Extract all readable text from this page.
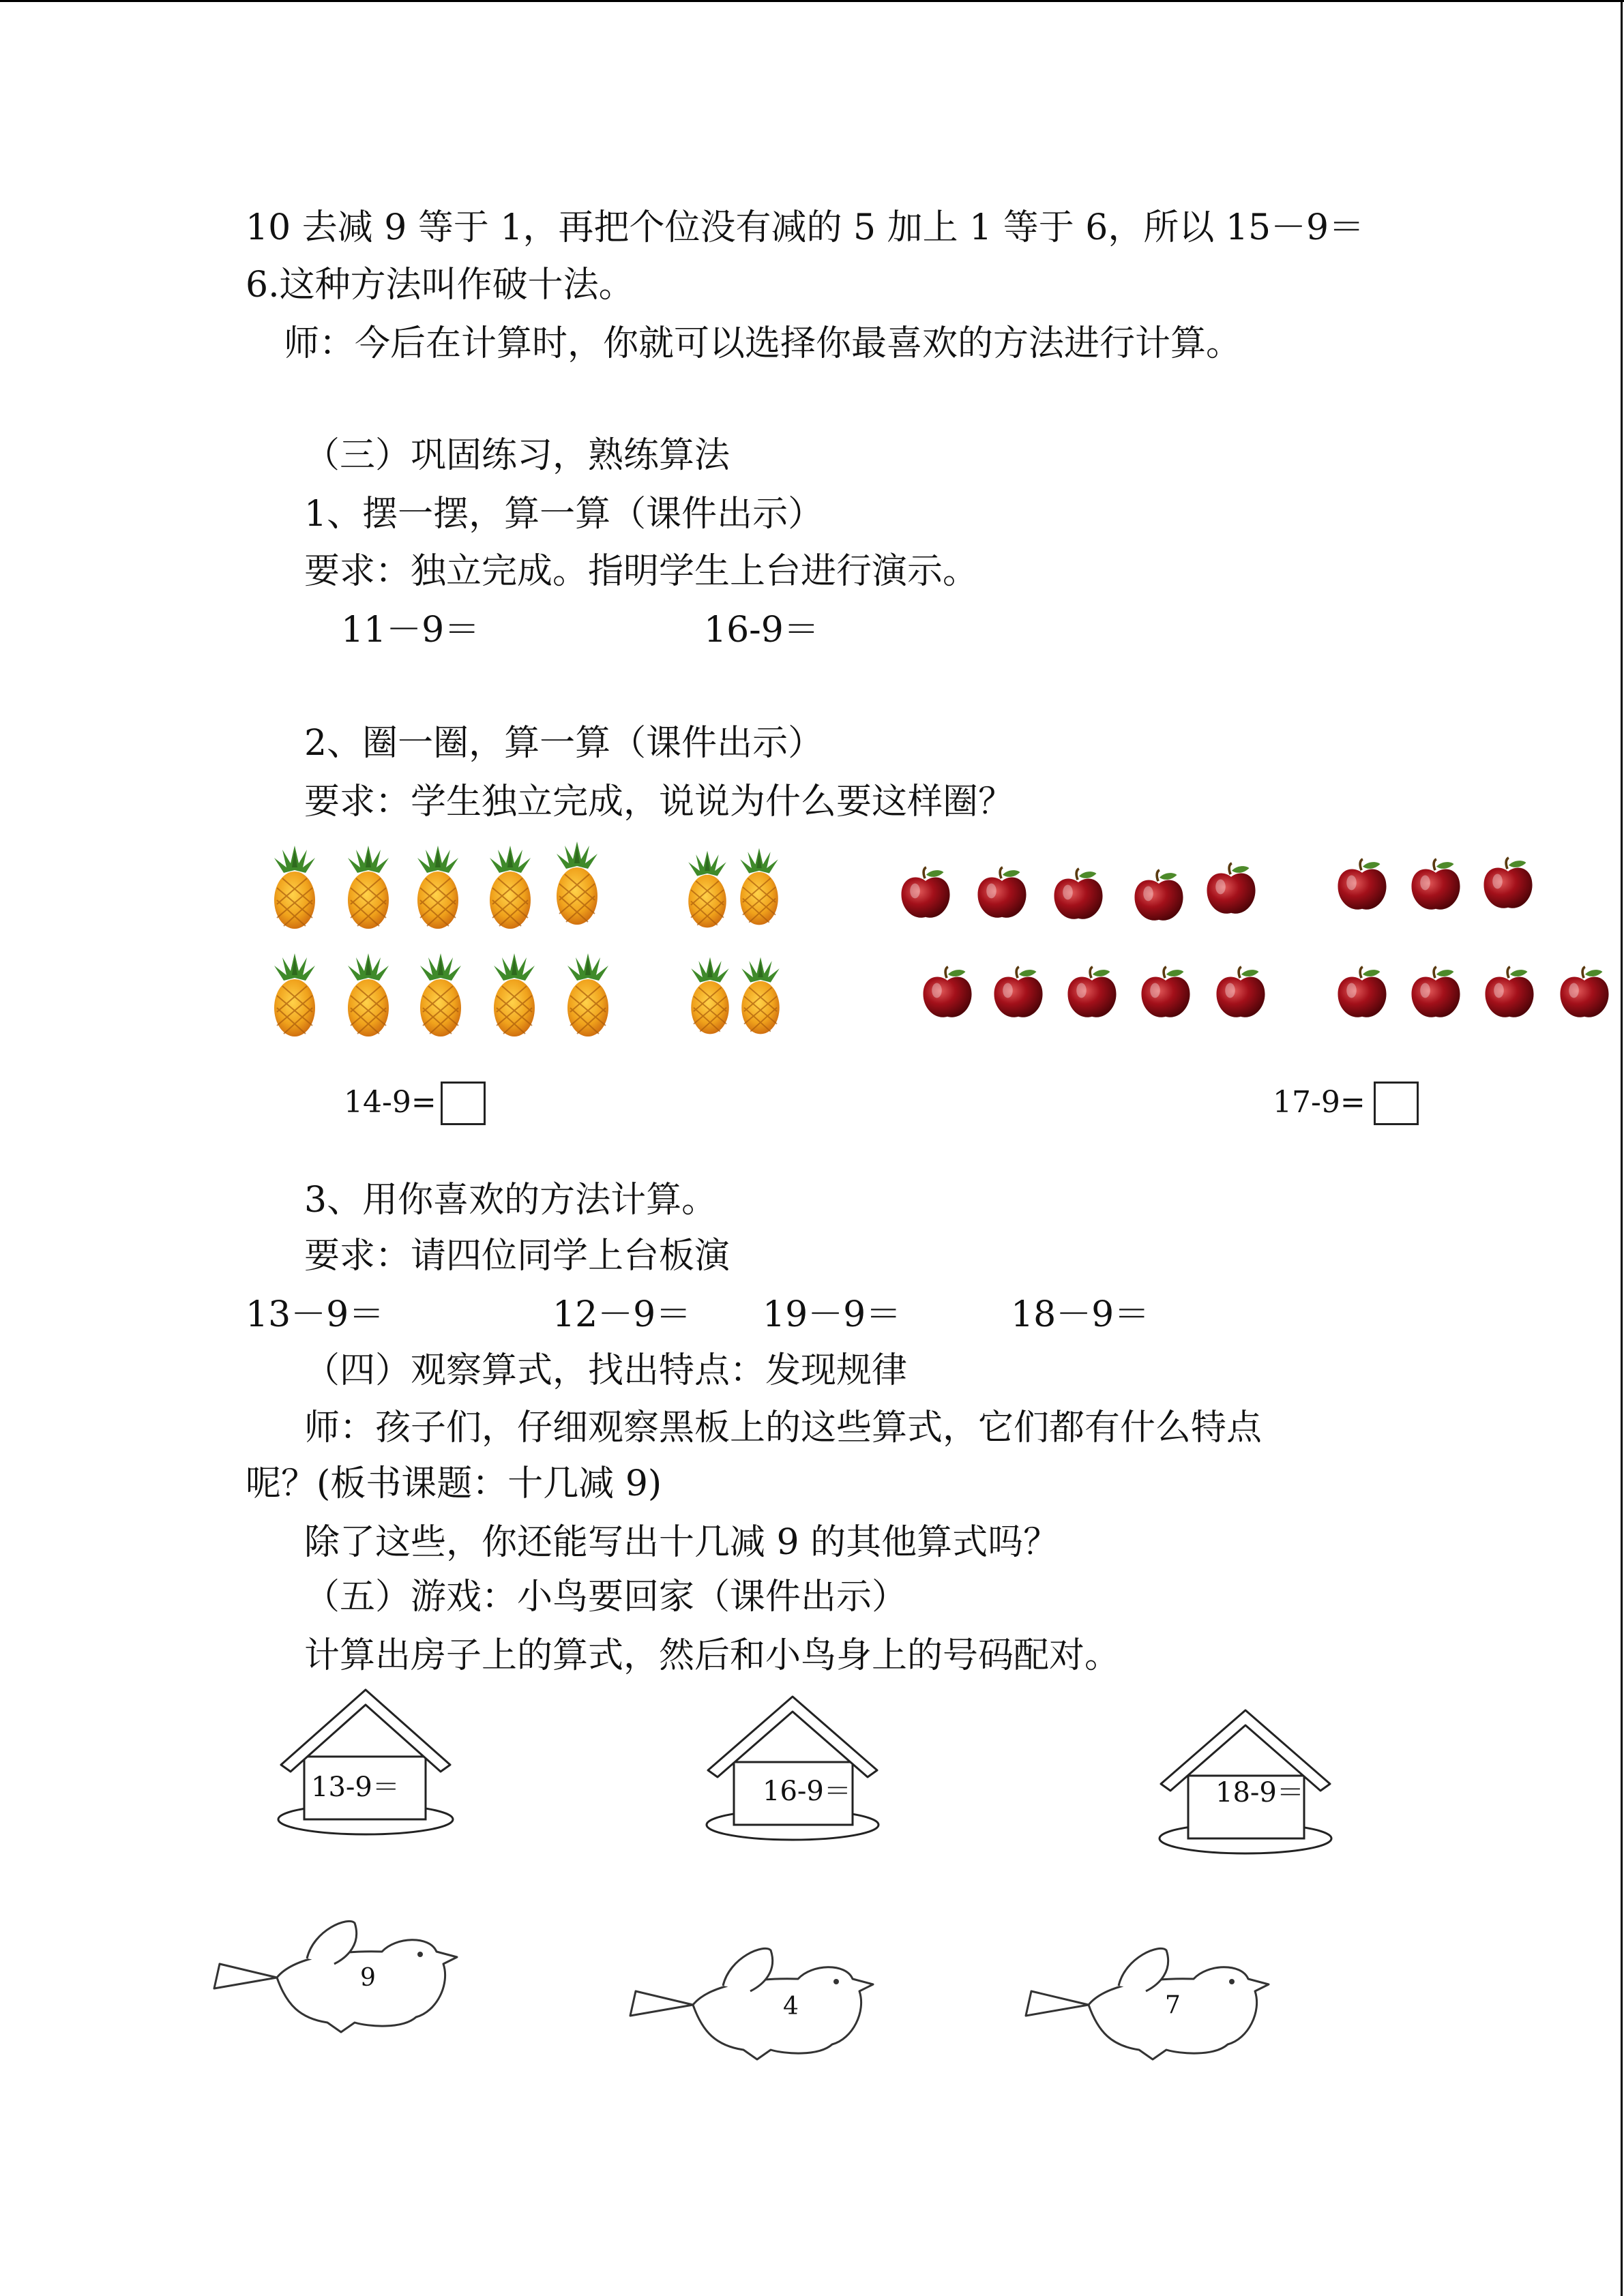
10 去减 9 等于 1，再把个位没有减的 5 加上 1 等于 6，所以 15－9＝
6.这种方法叫作破十法。
师：今后在计算时，你就可以选择你最喜欢的方法进行计算。
（三）巩固练习，熟练算法
1、摆一摆，算一算（课件出示）
要求：独立完成。指明学生上台进行演示。
11－9＝	16-9＝
2、圈一圈，算一算（课件出示）
要求：学生独立完成，说说为什么要这样圈？
14-9=	17-9=
3、用你喜欢的方法计算。
要求：请四位同学上台板演
13－9＝	12－9＝ 19－9＝	18－9＝
（四）观察算式，找出特点：发现规律
师：孩子们，仔细观察黑板上的这些算式，它们都有什么特点
呢？(板书课题：十几减 9)
除了这些，你还能写出十几减 9 的其他算式吗？
（五）游戏：小鸟要回家（课件出示）
计算出房子上的算式，然后和小鸟身上的号码配对。
13-9＝	16-9＝	18-9＝
9
4	7
